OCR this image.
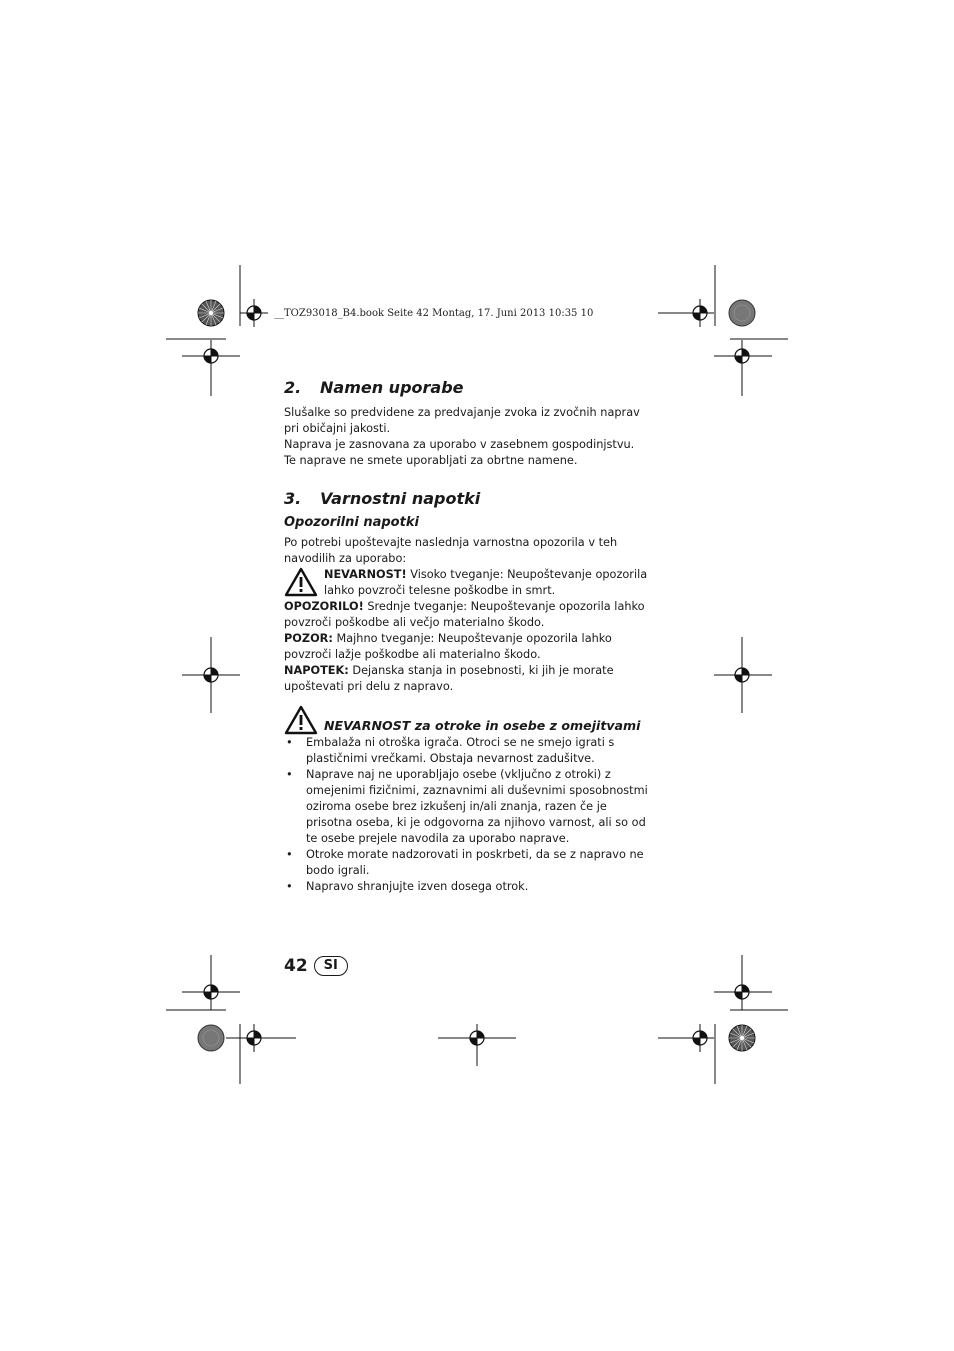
__TOZ93018_B4.book Seite 42 Montag, 17. Juni 2013 10:35 10
2.	Namen uporabe

Slušalke so predvidene za predvajanje zvoka iz zvočnih naprav pri običajni jakosti.

Naprava je zasnovana za uporabo v zasebnem gospodinjstvu. Te naprave ne smete uporabljati za obrtne namene.

3.	Varnostni napotki
Opozorilni napotki

Po potrebi upoštevajte naslednja varnostna opozorila v teh navodilih za uporabo:

NEVARNOST! Visoko tveganje: Neupoštevanje opozorila lahko povzroči telesne poškodbe in smrt.

OPOZORILO! Srednje tveganje: Neupoštevanje opozorila lahko povzroči poškodbe ali večjo materialno škodo.

POZOR: Majhno tveganje: Neupoštevanje opozorila lahko povzroči lažje poškodbe ali materialno škodo.

NAPOTEK: Dejanska stanja in posebnosti, ki jih je morate upoštevati pri delu z napravo.

NEVARNOST za otroke in osebe z omejitvami
• Embalaža ni otroška igrača. Otroci se ne smejo igrati s plastičnimi vrečkami. Obstaja nevarnost zadušitve.
• Naprave naj ne uporabljajo osebe (vključno z otroki) z omejenimi fizičnimi, zaznavnimi ali duševnimi sposobnostmi oziroma osebe brez izkušenj in/ali znanja, razen če je prisotna oseba, ki je odgovorna za njihovo varnost, ali so od te osebe prejele navodila za uporabo naprave.
• Otroke morate nadzorovati in poskrbeti, da se z napravo ne bodo igrali.
• Napravo shranjujte izven dosega otrok.
42	SI
